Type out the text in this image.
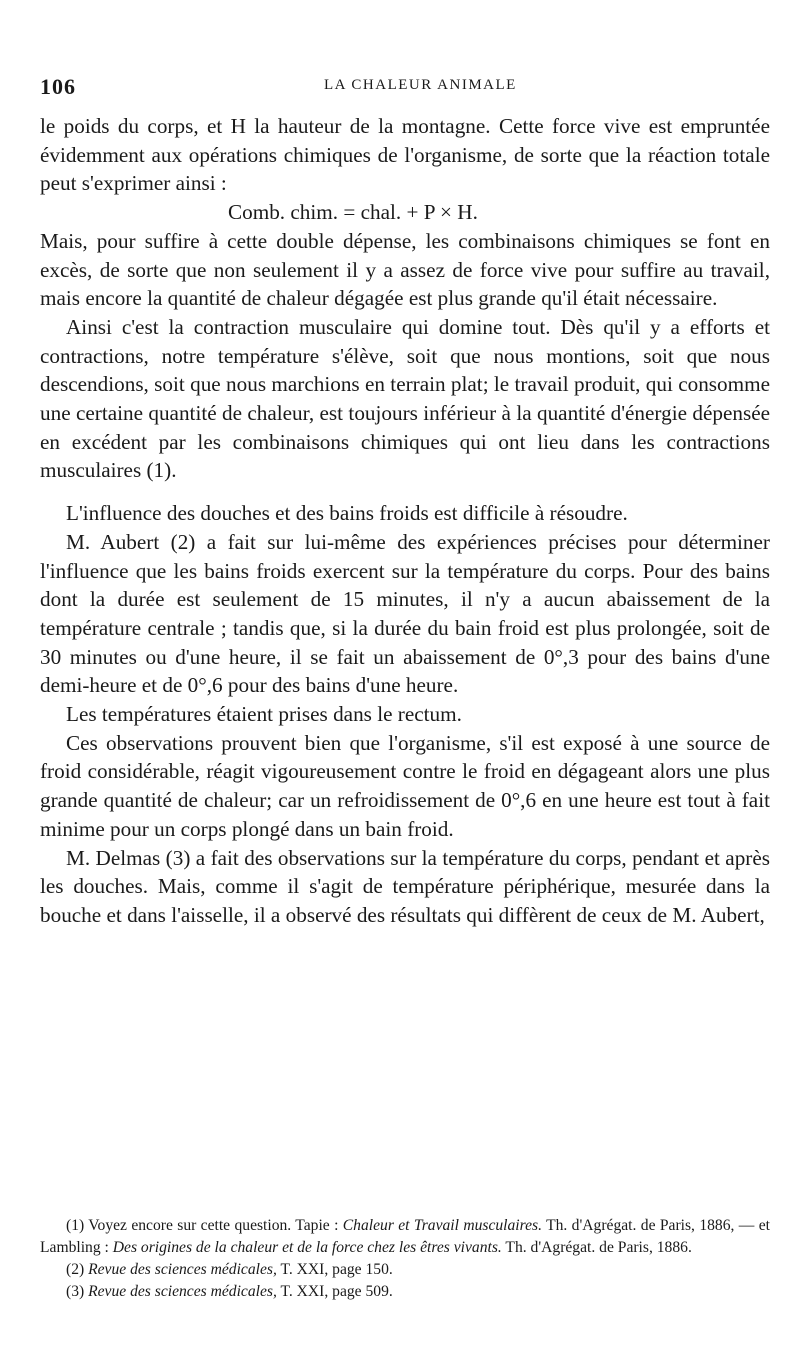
106	LA CHALEUR ANIMALE

le poids du corps, et H la hauteur de la montagne. Cette force vive est empruntée évidemment aux opérations chimiques de l'organisme, de sorte que la réaction totale peut s'exprimer ainsi :

Comb. chim. = chal. + P × H.

Mais, pour suffire à cette double dépense, les combinaisons chimiques se font en excès, de sorte que non seulement il y a assez de force vive pour suffire au travail, mais encore la quantité de chaleur dégagée est plus grande qu'il était nécessaire.

Ainsi c'est la contraction musculaire qui domine tout. Dès qu'il y a efforts et contractions, notre température s'élève, soit que nous montions, soit que nous descendions, soit que nous marchions en terrain plat; le travail produit, qui consomme une certaine quantité de chaleur, est toujours inférieur à la quantité d'énergie dépensée en excédent par les combinaisons chimiques qui ont lieu dans les contractions musculaires (1).

L'influence des douches et des bains froids est difficile à résoudre.

M. Aubert (2) a fait sur lui-même des expériences précises pour déterminer l'influence que les bains froids exercent sur la température du corps. Pour des bains dont la durée est seulement de 15 minutes, il n'y a aucun abaissement de la température centrale ; tandis que, si la durée du bain froid est plus prolongée, soit de 30 minutes ou d'une heure, il se fait un abaissement de 0°,3 pour des bains d'une demi-heure et de 0°,6 pour des bains d'une heure.

Les températures étaient prises dans le rectum.

Ces observations prouvent bien que l'organisme, s'il est exposé à une source de froid considérable, réagit vigoureusement contre le froid en dégageant alors une plus grande quantité de chaleur; car un refroidissement de 0°,6 en une heure est tout à fait minime pour un corps plongé dans un bain froid.

M. Delmas (3) a fait des observations sur la température du corps, pendant et après les douches. Mais, comme il s'agit de température périphérique, mesurée dans la bouche et dans l'aisselle, il a observé des résultats qui diffèrent de ceux de M. Aubert,

(1) Voyez encore sur cette question. Tapie : Chaleur et Travail musculaires. Th. d'Agrégat. de Paris, 1886, — et Lambling : Des origines de la chaleur et de la force chez les êtres vivants. Th. d'Agrégat. de Paris, 1886.

(2) Revue des sciences médicales, T. XXI, page 150.

(3) Revue des sciences médicales, T. XXI, page 509.
